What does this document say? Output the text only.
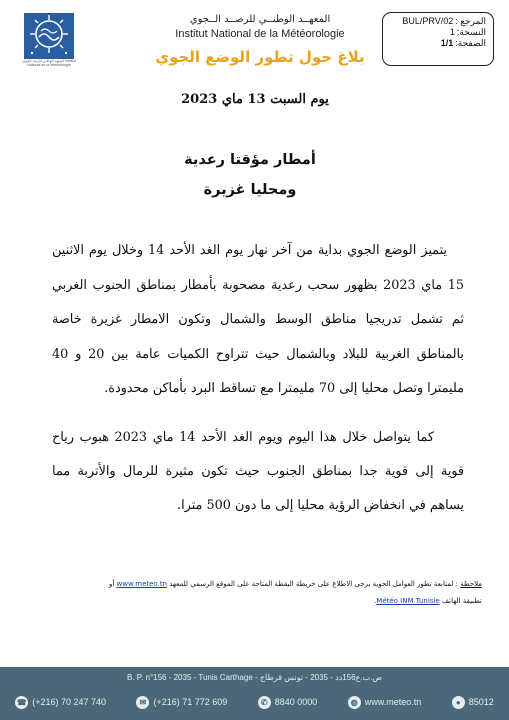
المرجع :
BUL/PRV/02
النسخة:
1
الصفحة:
1/1
المعهد الوطني للرصد الجوي Institut National de la Météorologie
المعهــد الوطنــي للرصــد الــجوي
Institut National de la Météorologie
بلاغ حول تطور الوضع الجوي
يوم السبت 13 ماي 2023
أمطار مؤقتا رعدية
ومحليا غزيرة

يتميز الوضع الجوي بداية من آخر نهار يوم الغد الأحد 14 وخلال يوم الاثنين 15 ماي 2023 بظهور سحب رعدية مصحوبة بأمطار بمناطق الجنوب الغربي ثم تشمل تدريجيا مناطق الوسط والشمال وتكون الامطار غزيرة خاصة بالمناطق الغربية للبلاد وبالشمال حيث تتراوح الكميات عامة بين 20 و 40 مليمترا وتصل محليا إلى 70 مليمترا مع تساقط البرد بأماكن محدودة.

كما يتواصل خلال هذا اليوم ويوم الغد الأحد 14 ماي 2023 هبوب رياح قوية إلى قوية جدا بمناطق الجنوب حيث تكون مثيرة للرمال والأتربة مما يساهم في انخفاض الرؤية محليا إلى ما دون 500 مترا.

ملاحظة : لمتابعة تطور العوامل الجوية يرجى الاطلاع على خريطة اليقظة المتاحة على الموقع الرسمي للمعهد www.meteo.tn أو
تطبيقة الهاتف Météo INM Tunisie.
B. P. n°156 - 2035 - Tunis Carthage - ص.ب.ع156دد - 2035 - تونس قرطاج
☎ (+216) 70 247 740	✉ (+216) 71 772 609	✆ 8840 0000	◍ www.meteo.tn	● 85012
